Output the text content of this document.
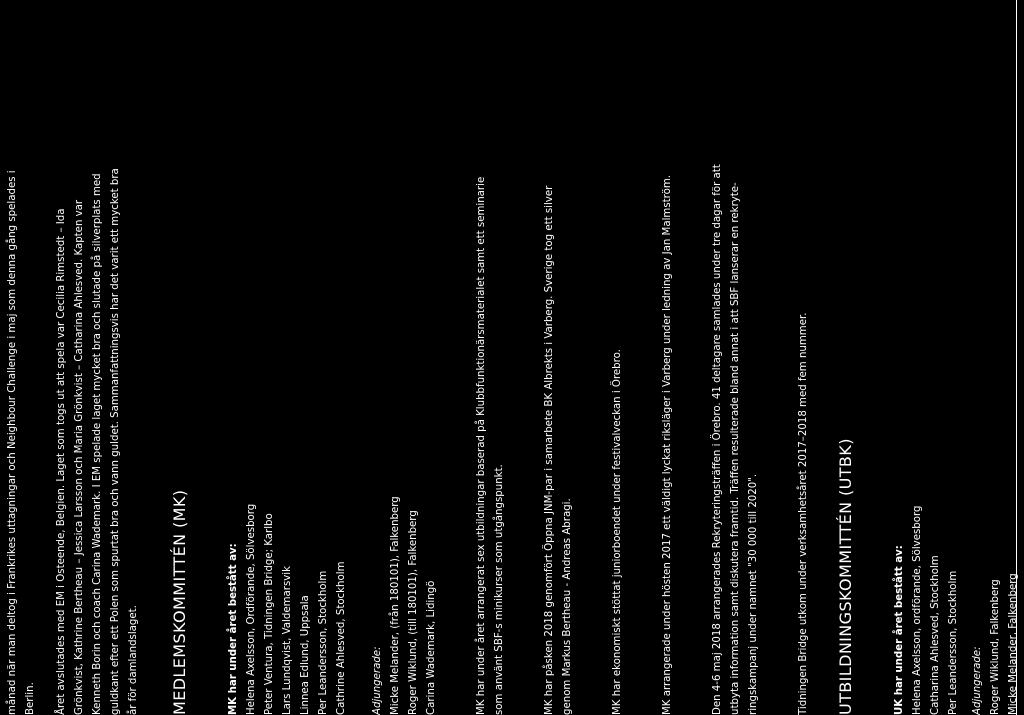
månad när man deltog i Frankrikes uttagningar och Neighbour Challenge i maj som denna gång spelades i Berlin.	Året avslutades med EM i Osteende, Belgien. Laget som togs ut att spela var Cecilia Rimstedt – Ida Grönkvist, Kathrine Bertheau – Jessica Larsson och Maria Grönkvist – Catharina Ahlesved. Kapten var Kenneth Borin och coach Carina Wademark. I EM spelade laget mycket bra och slutade på silverplats med guldkant efter ett Polen som spurtat bra och vann guldet. Sammanfattningsvis har det varit ett mycket bra år för damlandslaget.	MEDLEMSKOMMITTÉN (MK)	MK har under året bestått av: Helena Axelsson, Ordförande, Sölvesborg Peter Ventura, Tidningen Bridge; Karlbo Lars Lundqvist, Valdemarsvik Linnea Edlund, Uppsala Per Leandersson, Stockholm Cathrine Ahlesved, Stockholm	Adjungerade: Micke Melander, (från 180101), Falkenberg Roger Wiklund, (till 180101), Falkenberg Carina Wademark, Lidingö	MK har under året arrangerat sex utbildningar baserad på Klubbfunktionärsmaterialet samt ett seminarie som använt SBF-s minikurser som utgångspunkt.	MK har påsken 2018 genomfört Öppna JNM-par i samarbete BK Albrekts i Varberg. Sverige tog ett silver genom Markus Bertheau - Andreas Abragi.	MK har ekonomiskt stöttat juniorboendet under festivalveckan i Örebro.	MK arrangerade under hösten 2017 ett väldigt lyckat riksläger i Varberg under ledning av Jan Malmström.	Den 4-6 maj 2018 arrangerades Rekryteringsträffen i Örebro. 41 deltagare samlades under tre dagar för att utbyta information samt diskutera framtid. Träffen resulterade bland annat i att SBF lanserar en rekryte- ringskampanj under namnet "30 000 till 2020".	Tidningen Bridge utkom under verksamhetsåret 2017–2018 med fem nummer.	UTBILDNINGSKOMMITTÉN (UTBK)	UK har under året bestått av: Helena Axelsson, ordförande, Sölvesborg Catharina Ahlesved, Stockholm Per Leandersson, Stockholm	Adjungerade: Roger Wiklund, Falkenberg Micke Melander, Falkenberg
